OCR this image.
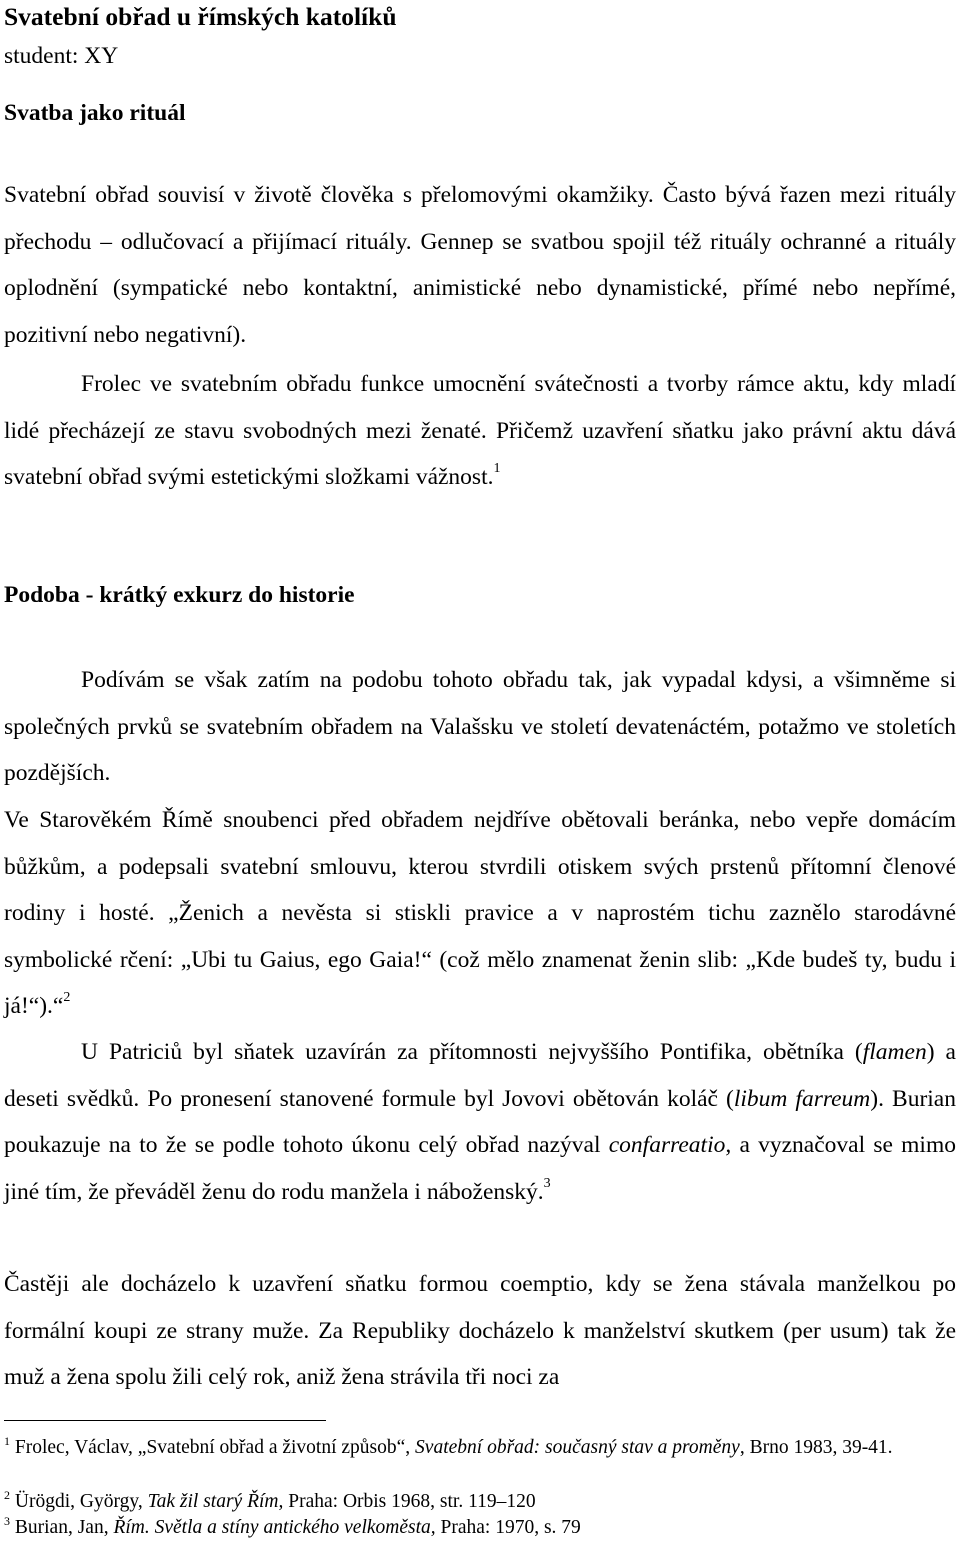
Svatební obřad u římských katolíků
student: XY
Svatba jako rituál

Svatební obřad souvisí v životě člověka s přelomovými okamžiky. Často bývá řazen mezi rituály přechodu – odlučovací a přijímací rituály. Gennep se svatbou spojil též rituály ochranné a rituály oplodnění (sympatické nebo kontaktní, animistické nebo dynamistické, přímé nebo nepřímé, pozitivní nebo negativní).

Frolec ve svatebním obřadu funkce umocnění svátečnosti a tvorby rámce aktu, kdy mladí lidé přecházejí ze stavu svobodných mezi ženaté. Přičemž uzavření sňatku jako právní aktu dává svatební obřad svými estetickými složkami vážnost.$^1$

Podoba - krátký exkurz do historie

Podívám se však zatím na podobu tohoto obřadu tak, jak vypadal kdysi, a všimněme si společných prvků se svatebním obřadem na Valašsku ve století devatenáctém, potažmo ve stoletích pozdějších.

Ve Starověkém Římě snoubenci před obřadem nejdříve obětovali beránka, nebo vepře domácím bůžkům, a podepsali svatební smlouvu, kterou stvrdili otiskem svých prstenů přítomní členové rodiny i hosté. „Ženich a nevěsta si stiskli pravice a v naprostém tichu zaznělo starodávné symbolické rčení: „Ubi tu Gaius, ego Gaia!“ (což mělo znamenat ženin slib: „Kde budeš ty, budu i já!“).“$^2$

U Patriciů byl sňatek uzavírán za přítomnosti nejvyššího Pontifika, obětníka (flamen) a deseti svědků. Po pronesení stanovené formule byl Jovovi obětován koláč (libum farreum). Burian poukazuje na to že se podle tohoto úkonu celý obřad nazýval confarreatio, a vyznačoval se mimo jiné tím, že převáděl ženu do rodu manžela i náboženský.$^3$

Častěji ale docházelo k uzavření sňatku formou coemptio, kdy se žena stávala manželkou po formální koupi ze strany muže. Za Republiky docházelo k manželství skutkem (per usum) tak že muž a žena spolu žili celý rok, aniž žena strávila tři noci za

$^1$ Frolec, Václav, „Svatební obřad a životní způsob“, Svatební obřad: současný stav a proměny, Brno 1983, 39-41.

$^2$ Ürögdi, György, Tak žil starý Řím, Praha: Orbis 1968, str. 119–120

$^3$ Burian, Jan, Řím. Světla a stíny antického velkoměsta, Praha: 1970, s. 79
